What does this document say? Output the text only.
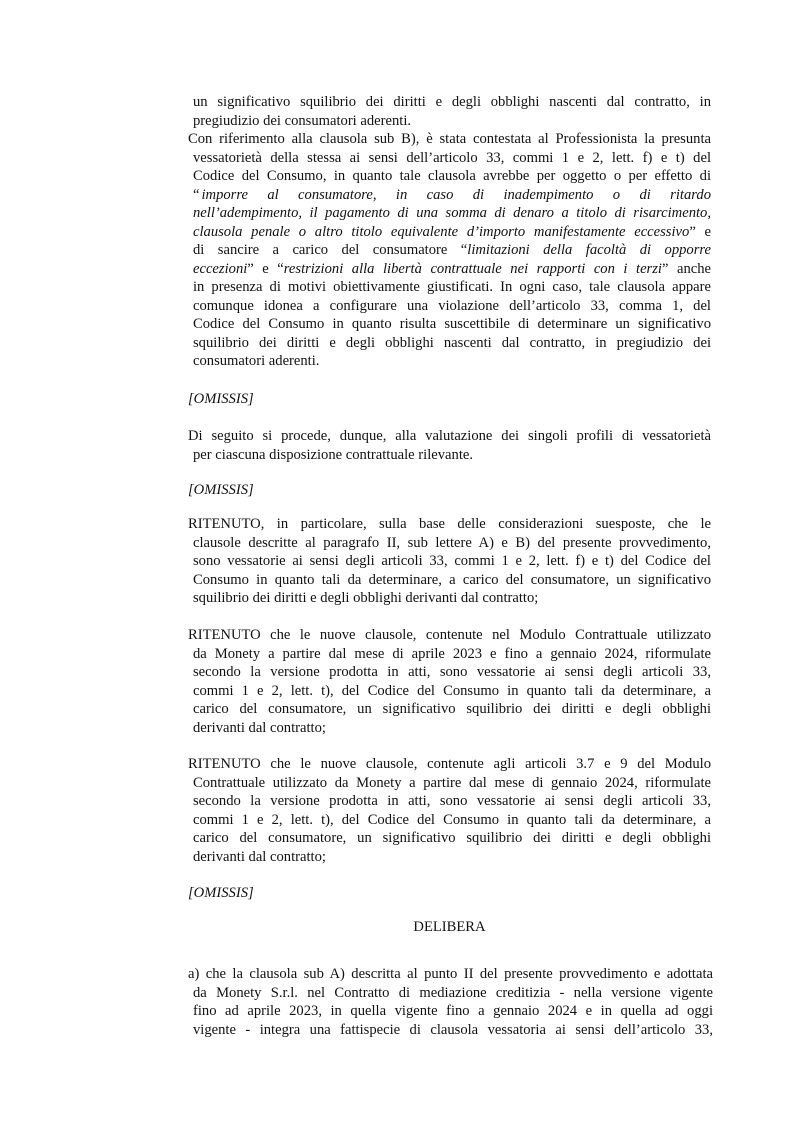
un significativo squilibrio dei diritti e degli obblighi nascenti dal contratto, in
pregiudizio dei consumatori aderenti.
Con riferimento alla clausola sub B), è stata contestata al Professionista la presunta
vessatorietà della stessa ai sensi dell’articolo 33, commi 1 e 2, lett. f) e t) del
Codice del Consumo, in quanto tale clausola avrebbe per oggetto o per effetto di
“ imporre al consumatore, in caso di inadempimento o di ritardo
nell’adempimento, il pagamento di una somma di denaro a titolo di risarcimento,
clausola penale o altro titolo equivalente d’importo manifestamente eccessivo” e
di sancire a carico del consumatore “limitazioni della facoltà di opporre
eccezioni” e “restrizioni alla libertà contrattuale nei rapporti con i terzi” anche
in presenza di motivi obiettivamente giustificati. In ogni caso, tale clausola appare
comunque idonea a configurare una violazione dell’articolo 33, comma 1, del
Codice del Consumo in quanto risulta suscettibile di determinare un significativo
squilibrio dei diritti e degli obblighi nascenti dal contratto, in pregiudizio dei
consumatori aderenti.
[OMISSIS]
Di seguito si procede, dunque, alla valutazione dei singoli profili di vessatorietà
per ciascuna disposizione contrattuale rilevante.
[OMISSIS]
RITENUTO, in particolare, sulla base delle considerazioni suesposte, che le
clausole descritte al paragrafo II, sub lettere A) e B) del presente provvedimento,
sono vessatorie ai sensi degli articoli 33, commi 1 e 2, lett. f) e t) del Codice del
Consumo in quanto tali da determinare, a carico del consumatore, un significativo
squilibrio dei diritti e degli obblighi derivanti dal contratto;
RITENUTO che le nuove clausole, contenute nel Modulo Contrattuale utilizzato
da Monety a partire dal mese di aprile 2023 e fino a gennaio 2024, riformulate
secondo la versione prodotta in atti, sono vessatorie ai sensi degli articoli 33,
commi 1 e 2, lett. t), del Codice del Consumo in quanto tali da determinare, a
carico del consumatore, un significativo squilibrio dei diritti e degli obblighi
derivanti dal contratto;
RITENUTO che le nuove clausole, contenute agli articoli 3.7 e 9 del Modulo
Contrattuale utilizzato da Monety a partire dal mese di gennaio 2024, riformulate
secondo la versione prodotta in atti, sono vessatorie ai sensi degli articoli 33,
commi 1 e 2, lett. t), del Codice del Consumo in quanto tali da determinare, a
carico del consumatore, un significativo squilibrio dei diritti e degli obblighi
derivanti dal contratto;
[OMISSIS]
DELIBERA
a) che la clausola sub A) descritta al punto II del presente provvedimento e adottata
da Monety S.r.l. nel Contratto di mediazione creditizia - nella versione vigente
fino ad aprile 2023, in quella vigente fino a gennaio 2024 e in quella ad oggi
vigente - integra una fattispecie di clausola vessatoria ai sensi dell’articolo 33,
